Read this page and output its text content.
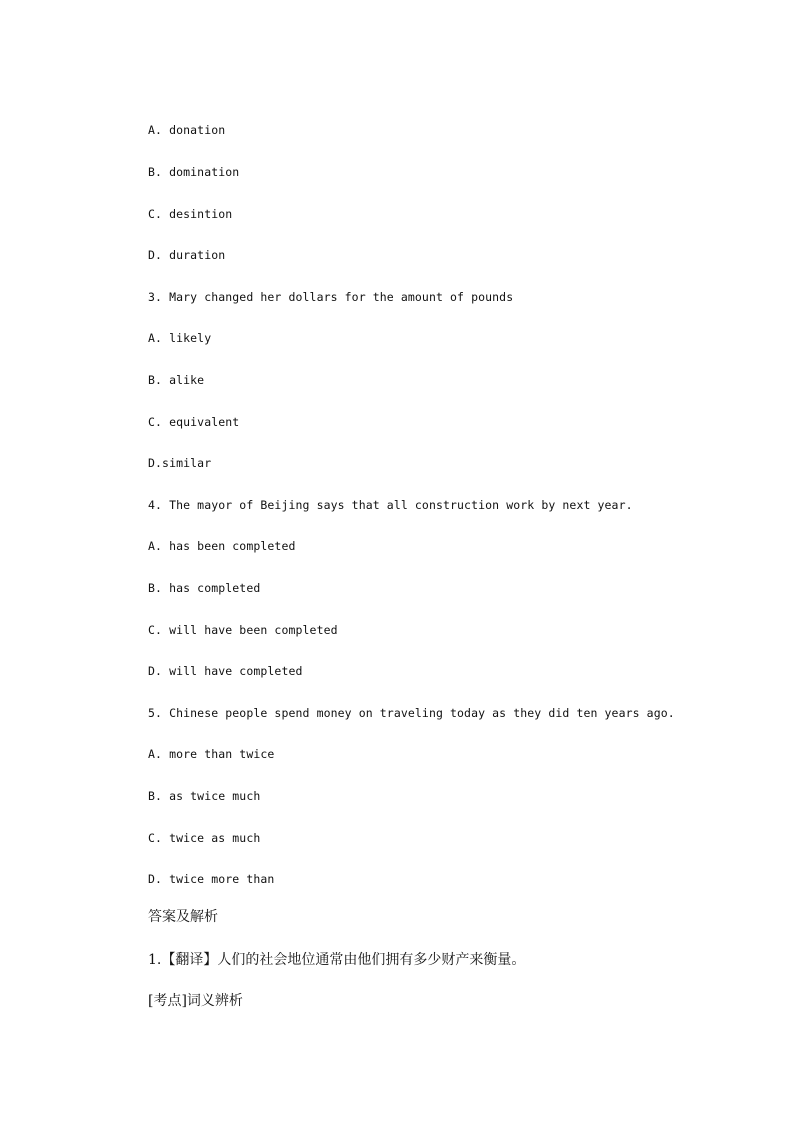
A. donation
B. domination
C. desintion
D. duration
3. Mary changed her dollars for the amount of pounds
A. likely
B. alike
C. equivalent
D.similar
4. The mayor of Beijing says that all construction work by next year.
A. has been completed
B. has completed
C. will have been completed
D. will have completed
5. Chinese people spend money on traveling today as they did ten years ago.
A. more than twice
B. as twice much
C. twice as much
D. twice more than
答案及解析
1.【翻译】人们的社会地位通常由他们拥有多少财产来衡量。
[考点]词义辨析
